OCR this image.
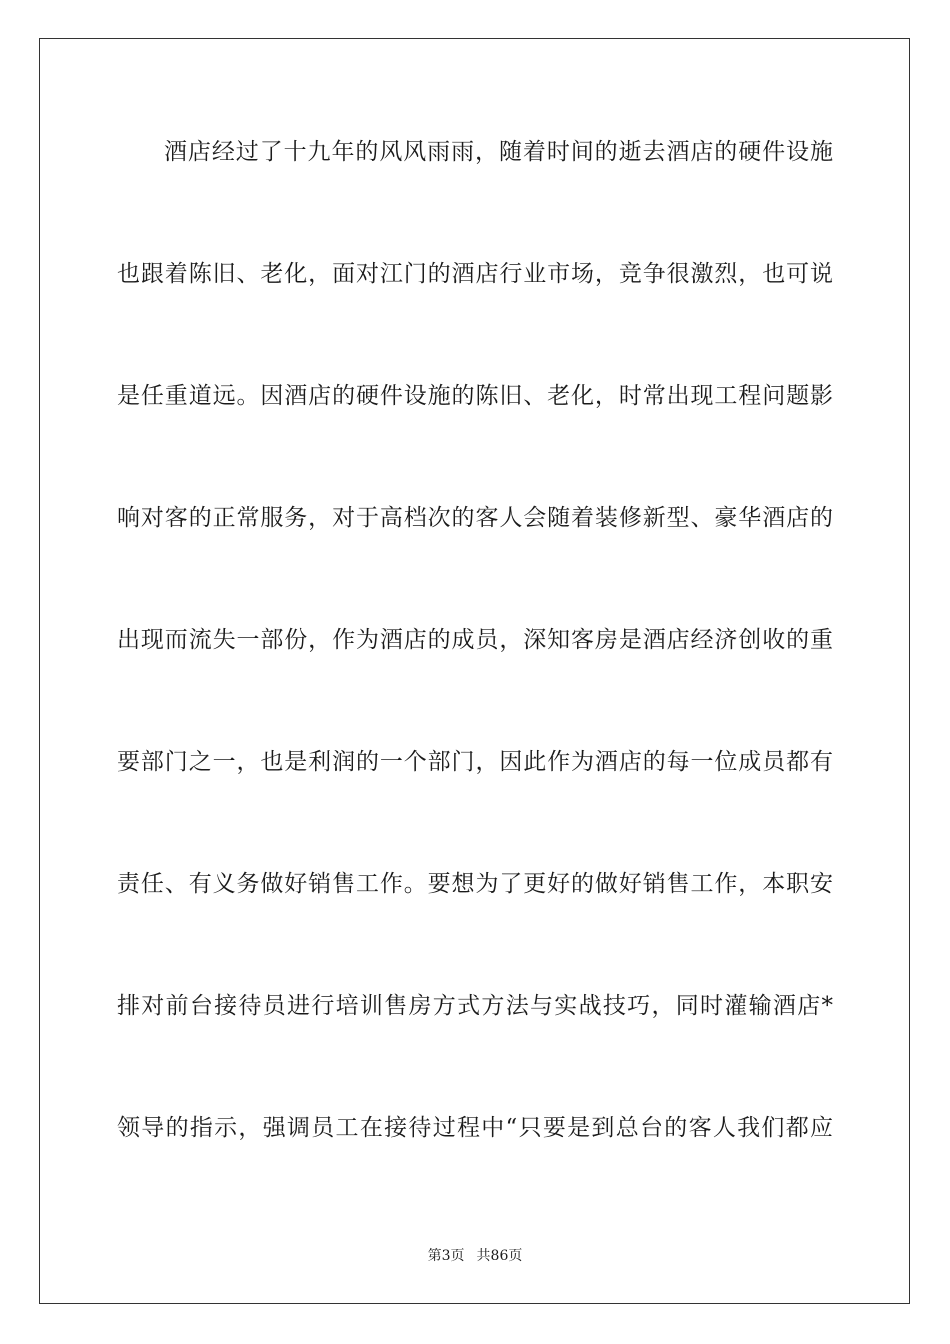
酒店经过了十九年的风风雨雨，随着时间的逝去酒店的硬件设施
也跟着陈旧、老化，面对江门的酒店行业市场，竞争很激烈，也可说
是任重道远。因酒店的硬件设施的陈旧、老化，时常出现工程问题影
响对客的正常服务，对于高档次的客人会随着装修新型、豪华酒店的
出现而流失一部份，作为酒店的成员，深知客房是酒店经济创收的重
要部门之一，也是利润的一个部门，因此作为酒店的每一位成员都有
责任、有义务做好销售工作。要想为了更好的做好销售工作，本职安
排对前台接待员进行培训售房方式方法与实战技巧，同时灌输酒店*
领导的指示，强调员工在接待过程中“只要是到总台的客人我们都应
第3页 共86页
